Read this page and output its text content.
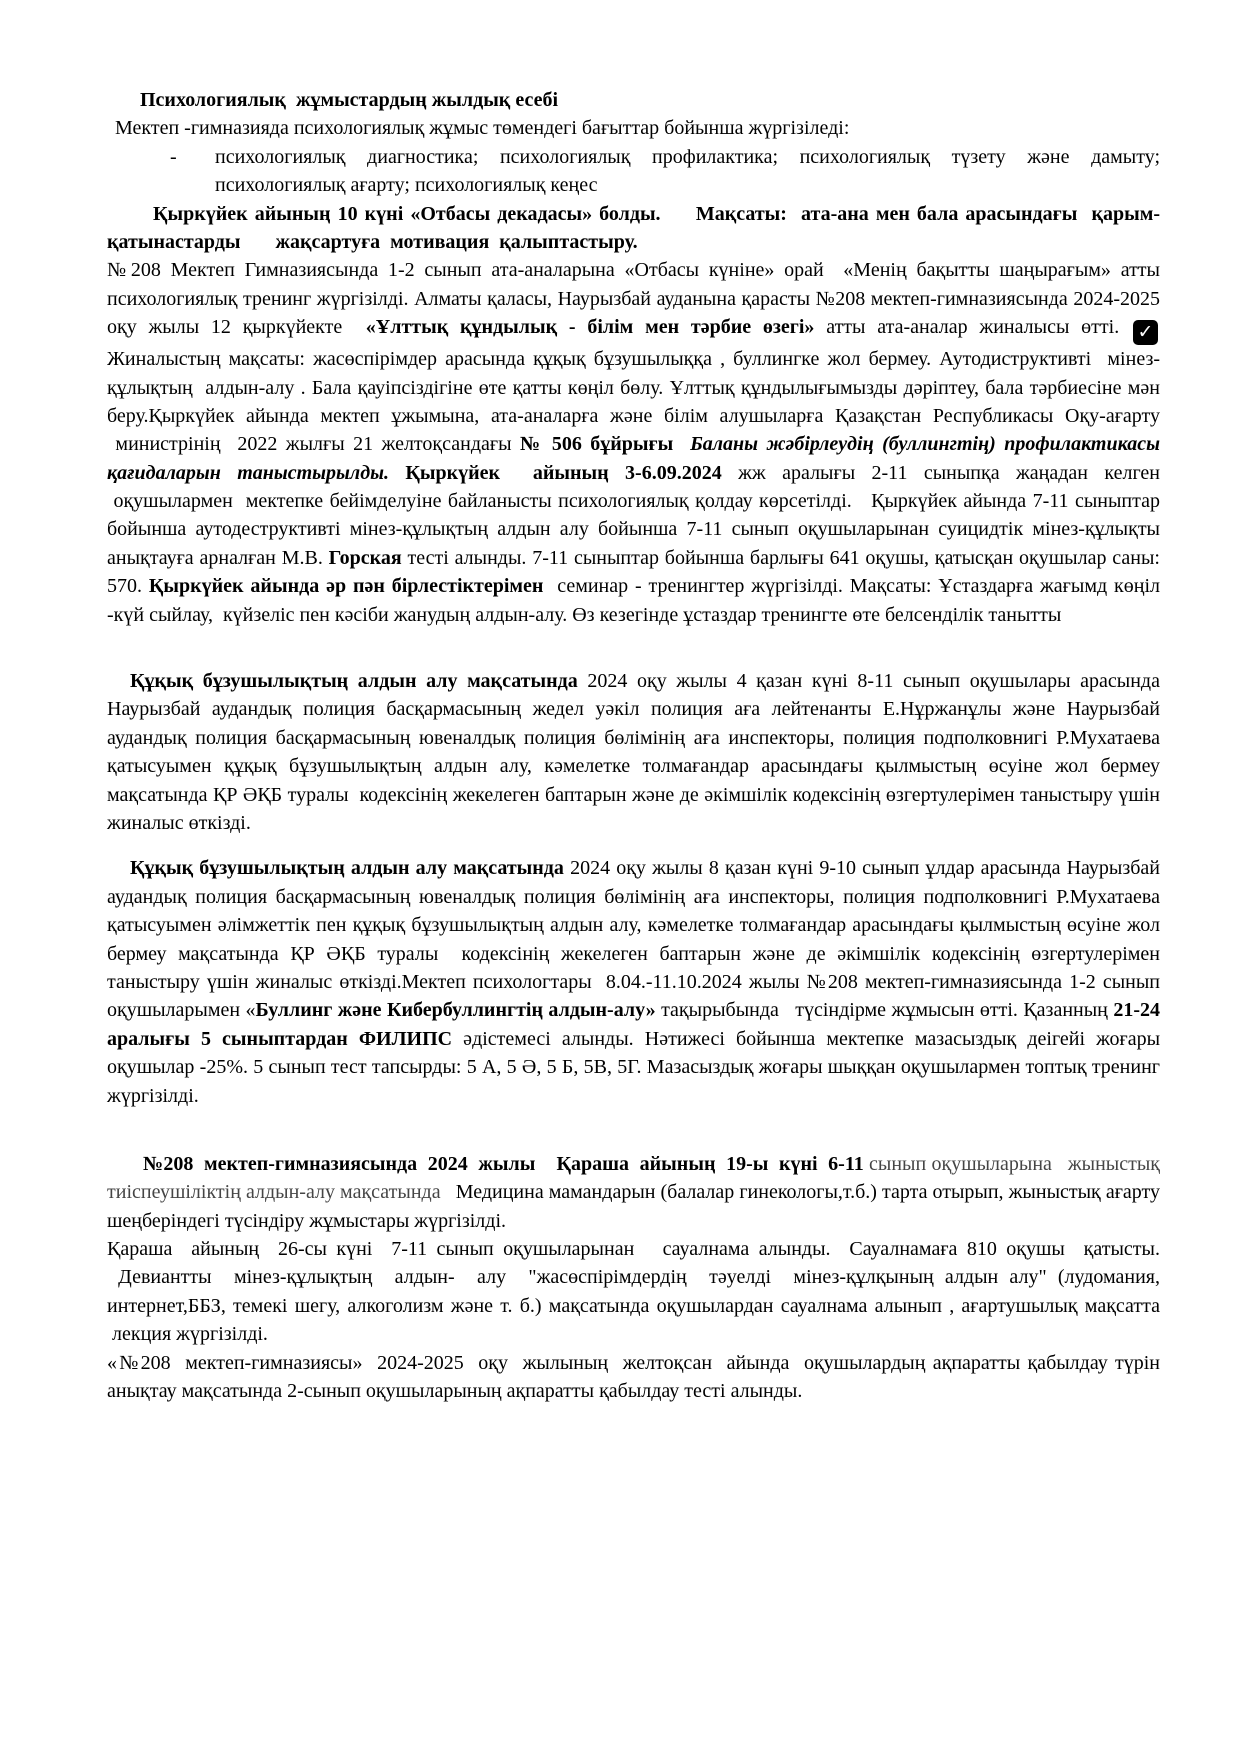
Психологиялық  жұмыстардың жылдық есебі

Мектеп -гимназияда психологиялық жұмыс төмендегі бағыттар бойынша жүргізіледі:

-	психологиялық диагностика; психологиялық профилактика; психологиялық түзету және дамыту; психологиялық ағарту; психологиялық кеңес

Қыркүйек айының 10 күні «Отбасы декадасы» болды.     Мақсаты:  ата-ана мен бала арасындағы  қарым-қатынастарды       жақсартуға  мотивация  қалыптастыру.

№208 Мектеп Гимназиясында 1-2 сынып ата-аналарына «Отбасы күніне» орай  «Менің бақытты шаңырағым» атты психологиялық тренинг жүргізілді. Алматы қаласы, Наурызбай ауданына қарасты №208 мектеп-гимназиясында 2024-2025 оқу жылы 12 қыркүйекте  «Ұлттық құндылық - білім мен тәрбие өзегі» атты ата-аналар жиналысы өтті. ✓ Жиналыстың мақсаты: жасөспірімдер арасында құқық бұзушылыққа , буллингке жол бермеу. Аутодиструктивті  мінез-құлықтың  алдын-алу . Бала қауіпсіздігіне өте қатты көңіл бөлу. Ұлттық құндылығымызды дәріптеу, бала тәрбиесіне мән беру.Қыркүйек айында мектеп ұжымына, ата-аналарға және білім алушыларға Қазақстан Республикасы Оқу-ағарту  министрінің  2022 жылғы 21 желтоқсандағы № 506 бұйрығы  Баланы жәбірлеудің (буллингтің) профилактикасы қағидаларын таныстырылды. Қыркүйек  айының 3-6.09.2024 жж аралығы 2-11 сыныпқа жаңадан келген  оқушылармен  мектепке бейімделуіне байланысты психологиялық қолдау көрсетілді.   Қыркүйек айында 7-11 сыныптар бойынша аутодеструктивті мінез-құлықтың алдын алу бойынша 7-11 сынып оқушыларынан суицидтік мінез-құлықты анықтауға арналған М.В. Горская тесті алынды. 7-11 сыныптар бойынша барлығы 641 оқушы, қатысқан оқушылар саны: 570. Қыркүйек айында әр пән бірлестіктерімен  семинар - тренингтер жүргізілді. Мақсаты: Ұстаздарға жағымд көңіл -күй сыйлау,  күйзеліс пен кәсіби жанудың алдын-алу. Өз кезегінде ұстаздар тренингте өте белсенділік танытты

Құқық бұзушылықтың алдын алу мақсатында 2024 оқу жылы 4 қазан күні 8-11 сынып оқушылары арасында Наурызбай аудандық полиция басқармасының жедел уәкіл полиция аға лейтенанты Е.Нұржанұлы және Наурызбай аудандық полиция басқармасының ювеналдық полиция бөлімінің аға инспекторы, полиция подполковнигі Р.Мухатаева қатысуымен құқық бұзушылықтың алдын алу, кәмелетке толмағандар арасындағы қылмыстың өсуіне жол бермеу мақсатында ҚР ӘҚБ туралы  кодексінің жекелеген баптарын және де әкімшілік кодексінің өзгертулерімен таныстыру үшін жиналыс өткізді.

Құқық бұзушылықтың алдын алу мақсатында 2024 оқу жылы 8 қазан күні 9-10 сынып ұлдар арасында Наурызбай аудандық полиция басқармасының ювеналдық полиция бөлімінің аға инспекторы, полиция подполковнигі Р.Мухатаева қатысуымен әлімжеттік пен құқық бұзушылықтың алдын алу, кәмелетке толмағандар арасындағы қылмыстың өсуіне жол бермеу мақсатында ҚР ӘҚБ туралы  кодексінің жекелеген баптарын және де әкімшілік кодексінің өзгертулерімен таныстыру үшін жиналыс өткізді.Мектеп психологтары  8.04.-11.10.2024 жылы №208 мектеп-гимназиясында 1-2 сынып оқушыларымен «Буллинг және Кибербуллингтің алдын-алу» тақырыбында   түсіндірме жұмысын өтті. Қазанның 21-24 аралығы 5 сыныптардан ФИЛИПС әдістемесі алынды. Нәтижесі бойынша мектепке мазасыздық деігейі жоғары оқушылар -25%. 5 сынып тест тапсырды: 5 А, 5 Ә, 5 Б, 5В, 5Г. Мазасыздық жоғары шыққан оқушылармен топтық тренинг жүргізілді.

№208  мектеп-гимназиясында  2024  жылы    Қараша  айының  19-ы  күні  6-11 сынып оқушыларына   жыныстық тиіспеушіліктің алдын-алу мақсатында   Медицина мамандарын (балалар гинекологы,т.б.) тарта отырып, жыныстық ағарту шеңберіндегі түсіндіру жұмыстары жүргізілді.

Қараша  айының  26-сы күні  7-11 сынып оқушыларынан   сауалнама алынды.  Сауалнамаға 810 оқушы  қатысты.  Девиантты  мінез-құлықтың  алдын-  алу  "жасөспірімдердің  тәуелді  мінез-құлқының алдын алу" (лудомания, интернет,ББЗ, темекі шегу, алкоголизм және т. б.) мақсатында оқушылардан сауалнама алынып , ағартушылық мақсатта  лекция жүргізілді.

«№208  мектеп-гимназиясы»  2024-2025  оқу  жылының  желтоқсан  айында  оқушылардың ақпаратты қабылдау түрін анықтау мақсатында 2-сынып оқушыларының ақпаратты қабылдау тесті алынды.
